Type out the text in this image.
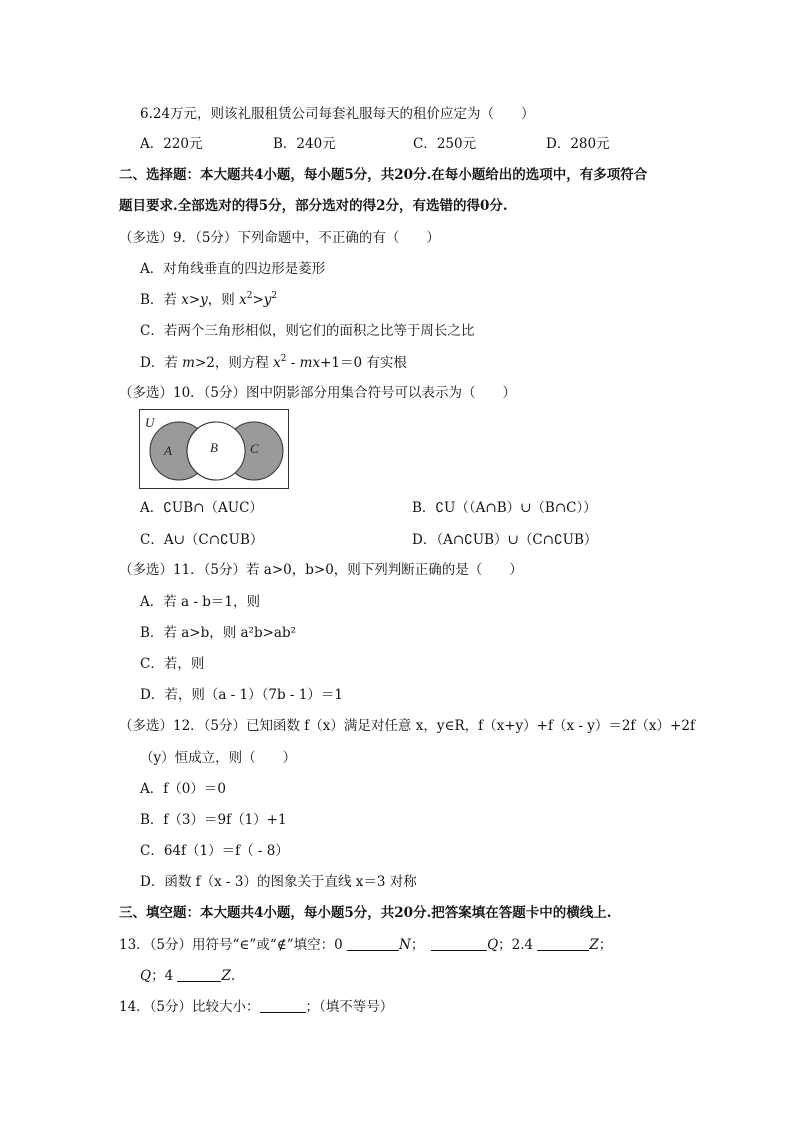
6.24万元，则该礼服租赁公司每套礼服每天的租价应定为（　　）
A．220元	B．240元	C．250元	D．280元
二、选择题：本大题共4小题，每小题5分，共20分.在每小题给出的选项中，有多项符合
题目要求.全部选对的得5分，部分选对的得2分，有选错的得0分.
（多选）9．（5分）下列命题中，不正确的有（　　）
A．对角线垂直的四边形是菱形
B．若 x>y，则 $x^2>y^2$
C．若两个三角形相似，则它们的面积之比等于周长之比
D．若 m>2，则方程 $x^2 - mx+1=0$ 有实根
（多选）10．（5分）图中阴影部分用集合符号可以表示为（　　）
U
A	B C
A．∁UB∩（AUC）	B．∁U（（A∩B）∪（B∩C））
C．A∪（C∩∁UB）	D．（A∩∁UB）∪（C∩∁UB）
（多选）11．（5分）若 a>0，b>0，则下列判断正确的是（　　）
A．若 a - b＝1，则
B．若 a>b，则 a²b>ab²
C．若，则
D．若，则（a - 1）（7b - 1）＝1
（多选）12．（5分）已知函数 f（x）满足对任意 x，y∈R，f（x+y）+f（x - y）＝2f（x）+2f
（y）恒成立，则（　　）
A．f（0）＝0
B．f（3）＝9f（1）+1
C．64f（1）＝f（ - 8）
D．函数 f（x - 3）的图象关于直线 x＝3 对称
三、填空题：本大题共4小题，每小题5分，共20分.把答案填在答题卡中的横线上.
13．（5分）用符号“∈”或“∉”填空：0	N；　	Q；2.4	Z；
Q；4	Z.
14．（5分）比较大小：	；（填不等号）
